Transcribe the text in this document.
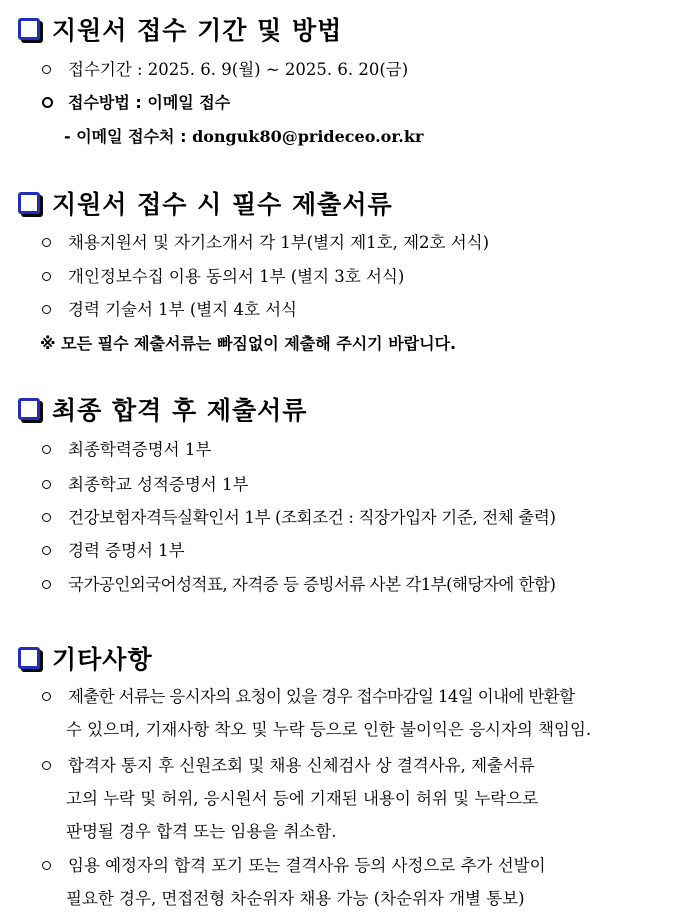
지원서 접수 기간 및 방법
접수기간 : 2025. 6. 9(월) ~ 2025. 6. 20(금)
접수방법 : 이메일 접수
- 이메일 접수처 : donguk80@prideceo.or.kr
지원서 접수 시 필수 제출서류
채용지원서 및 자기소개서 각 1부(별지 제1호, 제2호 서식)
개인정보수집 이용 동의서 1부 (별지 3호 서식)
경력 기술서 1부 (별지 4호 서식
※ 모든 필수 제출서류는 빠짐없이 제출해 주시기 바랍니다.
최종 합격 후 제출서류
최종학력증명서 1부
최종학교 성적증명서 1부
건강보험자격득실확인서 1부 (조회조건 : 직장가입자 기준, 전체 출력)
경력 증명서 1부
국가공인외국어성적표, 자격증 등 증빙서류 사본 각1부(해당자에 한함)
기타사항
제출한 서류는 응시자의 요청이 있을 경우 접수마감일 14일 이내에 반환할
수 있으며, 기재사항 착오 및 누락 등으로 인한 불이익은 응시자의 책임임.
합격자 통지 후 신원조회 및 채용 신체검사 상 결격사유, 제출서류
고의 누락 및 허위, 응시원서 등에 기재된 내용이 허위 및 누락으로
판명될 경우 합격 또는 임용을 취소함.
임용 예정자의 합격 포기 또는 결격사유 등의 사정으로 추가 선발이
필요한 경우, 면접전형 차순위자 채용 가능 (차순위자 개별 통보)
